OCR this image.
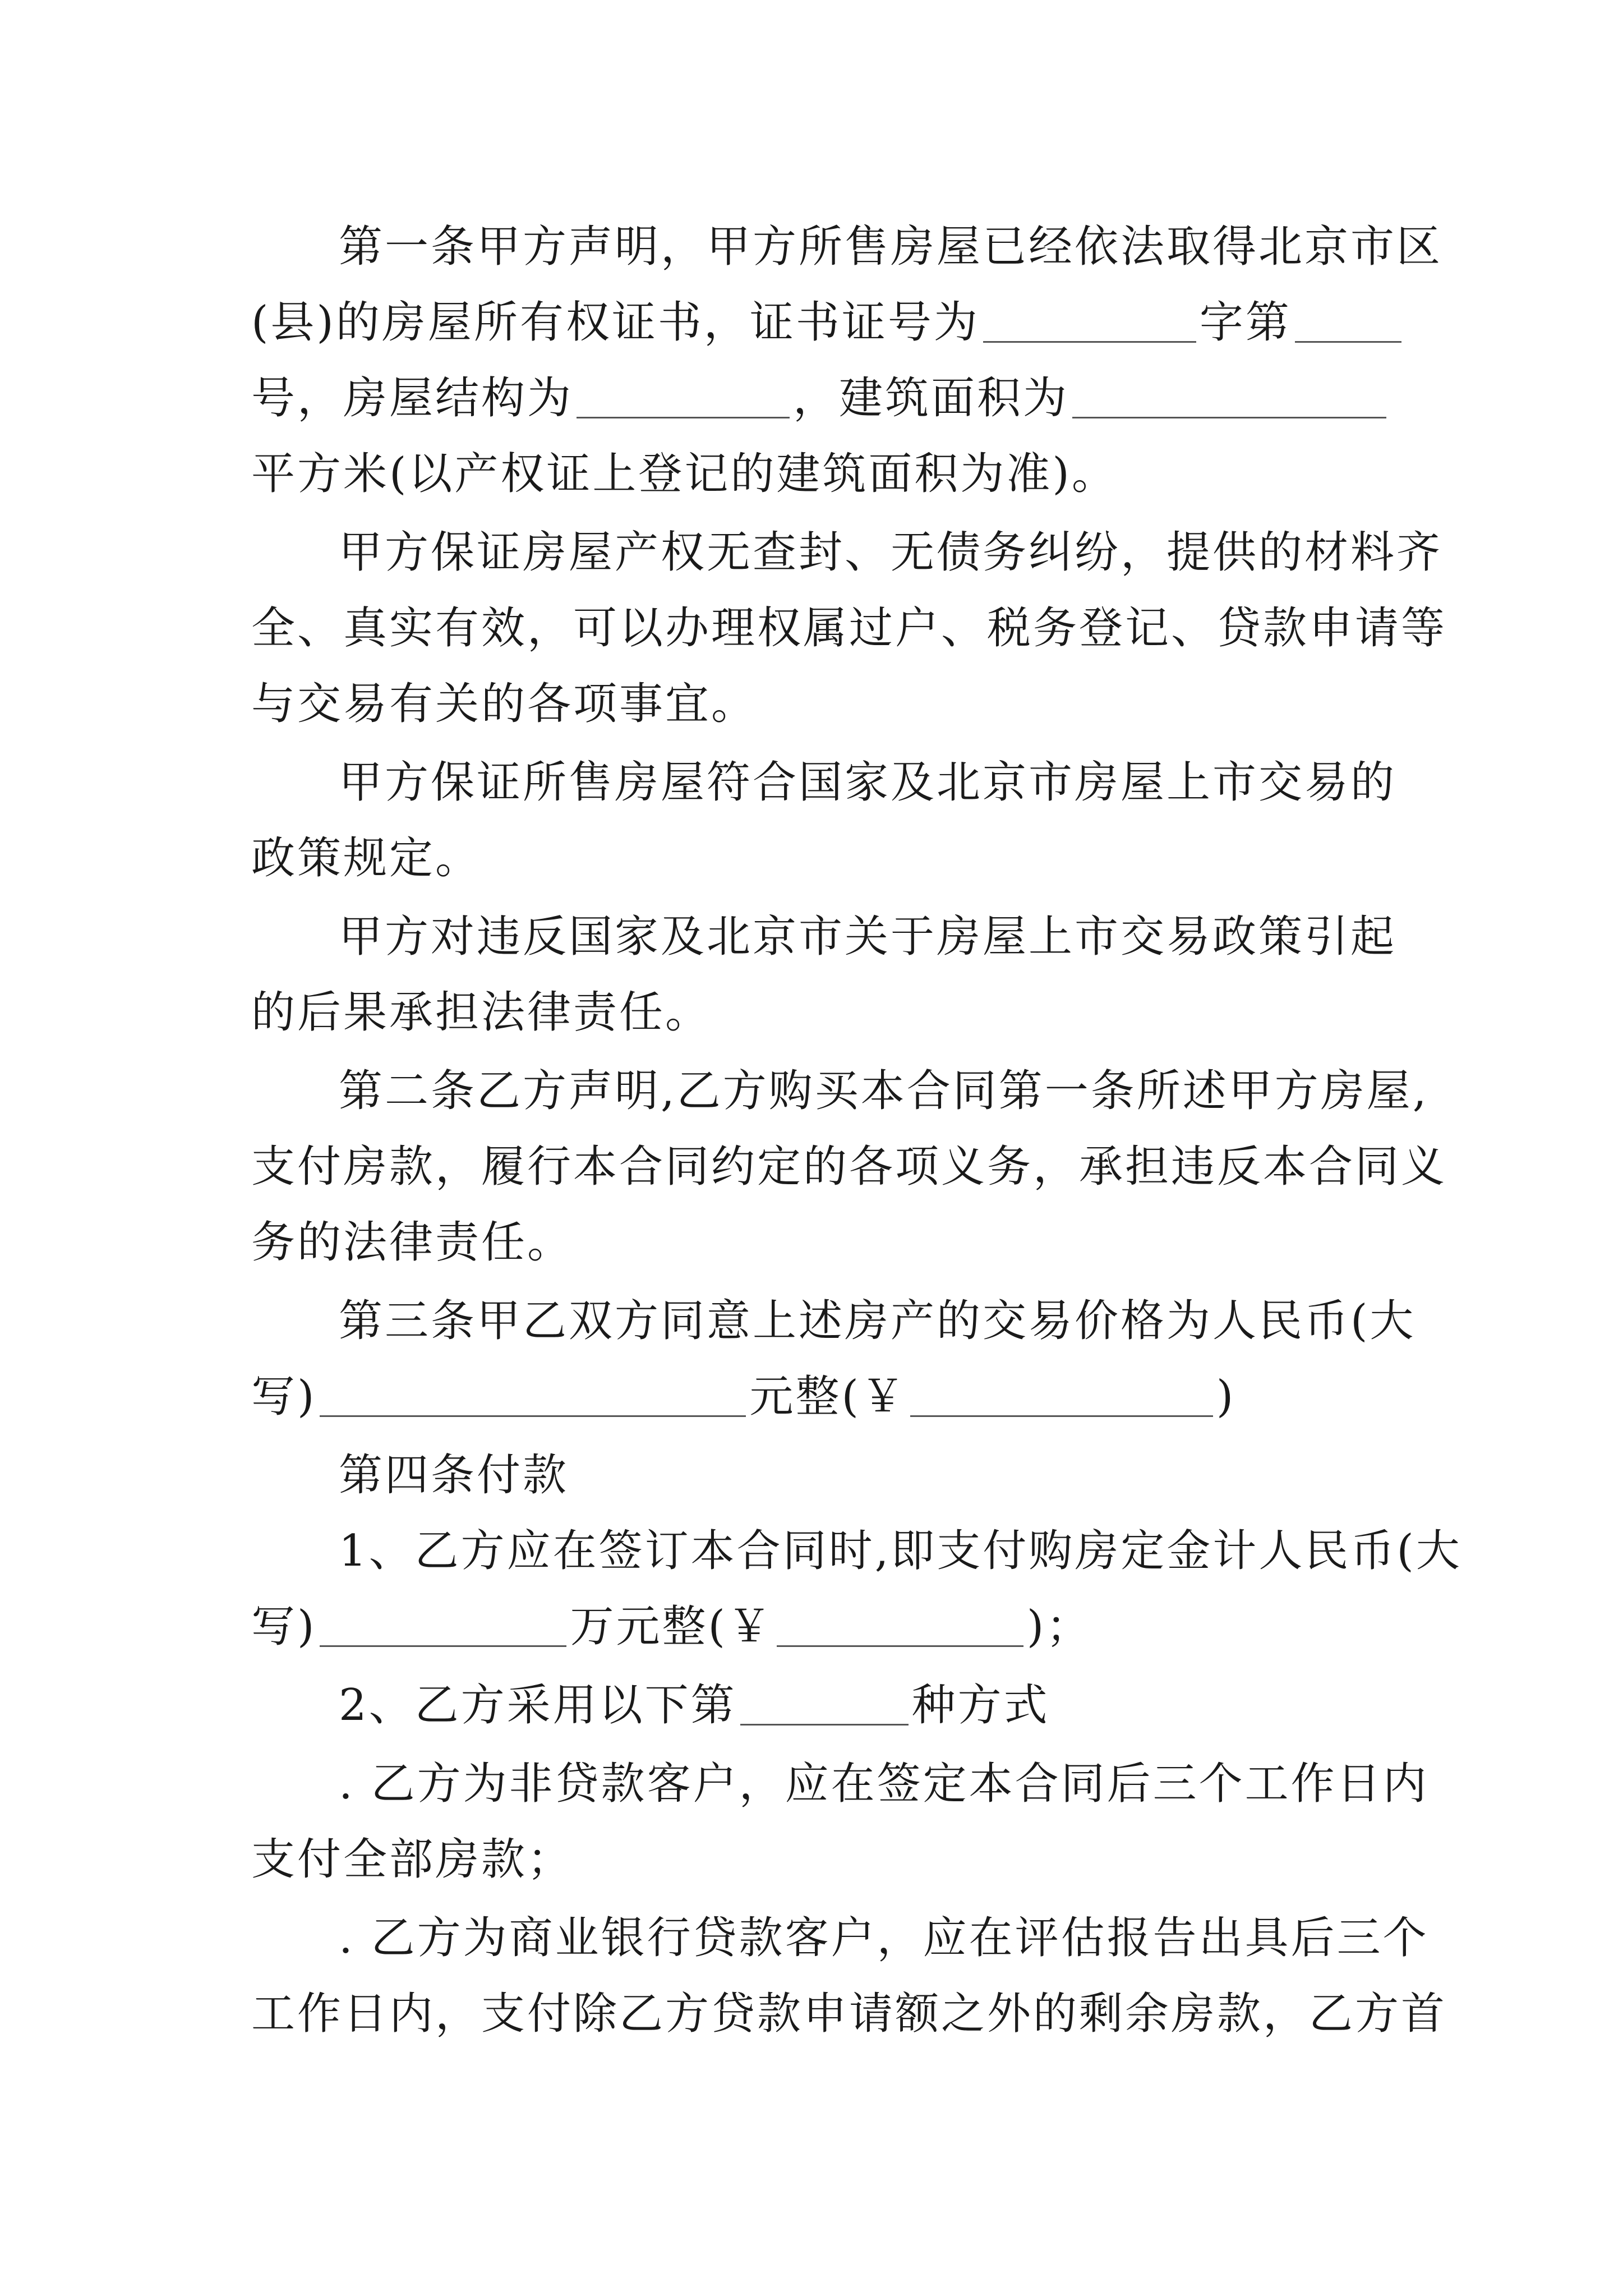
第一条甲方声明，甲方所售房屋已经依法取得北京市区
(县)的房屋所有权证书，证书证号为	字第
号，房屋结构为	，建筑面积为
平方米(以产权证上登记的建筑面积为准)。
甲方保证房屋产权无查封、无债务纠纷，提供的材料齐
全、真实有效，可以办理权属过户、税务登记、贷款申请等
与交易有关的各项事宜。
甲方保证所售房屋符合国家及北京市房屋上市交易的
政策规定。
甲方对违反国家及北京市关于房屋上市交易政策引起
的后果承担法律责任。
第二条乙方声明,乙方购买本合同第一条所述甲方房屋,
支付房款，履行本合同约定的各项义务，承担违反本合同义
务的法律责任。
第三条甲乙双方同意上述房产的交易价格为人民币(大
写)	元整(￥	)
第四条付款
1、乙方应在签订本合同时,即支付购房定金计人民币(大
写)	万元整(￥	)；
2、乙方采用以下第	种方式
. 乙方为非贷款客户，应在签定本合同后三个工作日内
支付全部房款；
. 乙方为商业银行贷款客户，应在评估报告出具后三个
工作日内，支付除乙方贷款申请额之外的剩余房款，乙方首
